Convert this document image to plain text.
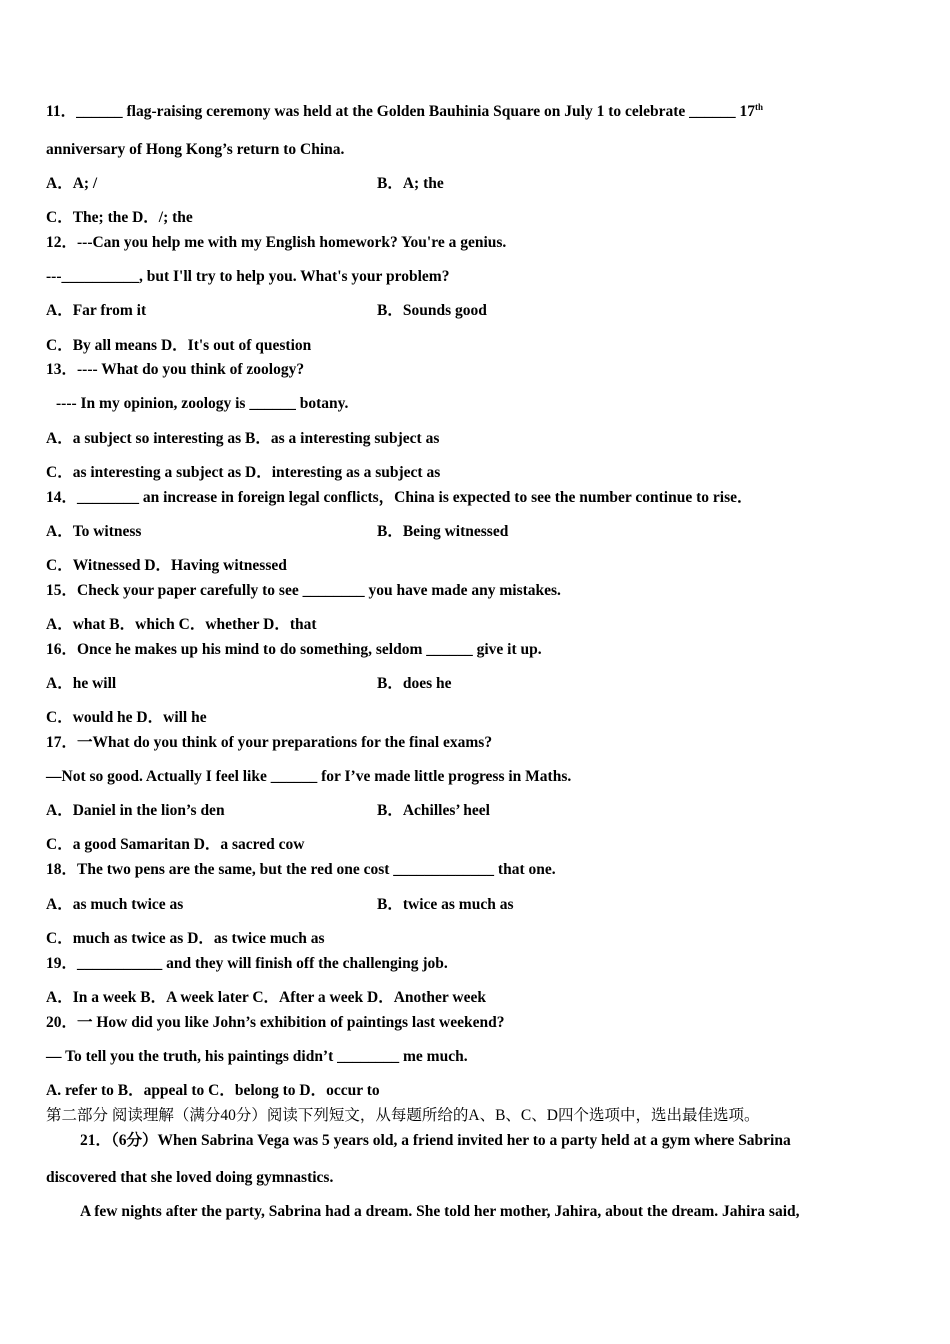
11．______ flag-raising ceremony was held at the Golden Bauhinia Square on July 1 to celebrate ______ 17th
anniversary of Hong Kong’s return to China.
A．A; /	B．A; the
C．The; the D．/; the
12．---Can you help me with my English homework? You're a genius.
---__________, but I'll try to help you. What's your problem?
A．Far from it	B．Sounds good
C．By all means D．It's out of question
13．---- What do you think of zoology?
---- In my opinion, zoology is ______ botany.
A．a subject so interesting as B．as a interesting subject as
C．as interesting a subject as D．interesting as a subject as
14．________ an increase in foreign legal conflicts，China is expected to see the number continue to rise．
A．To witness	B．Being witnessed
C．Witnessed D．Having witnessed
15．Check your paper carefully to see ________ you have made any mistakes.
A．what B．which C．whether D．that
16．Once he makes up his mind to do something, seldom ______ give it up.
A．he will	B．does he
C．would he D．will he
17．一What do you think of your preparations for the final exams?
—Not so good. Actually I feel like ______ for I’ve made little progress in Maths.
A．Daniel in the lion’s den	B．Achilles’ heel
C．a good Samaritan D．a sacred cow
18．The two pens are the same, but the red one cost _____________ that one.
A．as much twice as	B．twice as much as
C．much as twice as D．as twice much as
19．___________ and they will finish off the challenging job.
A．In a week B．A week later C．After a week D．Another week
20．一 How did you like John’s exhibition of paintings last weekend?
— To tell you the truth, his paintings didn’t ________ me much.
A. refer to B．appeal to C．belong to D．occur to
第二部分 阅读理解（满分40分）阅读下列短文，从每题所给的A、B、C、D四个选项中，选出最佳选项。
21．（6分）When Sabrina Vega was 5 years old, a friend invited her to a party held at a gym where Sabrina
discovered that she loved doing gymnastics.
A few nights after the party, Sabrina had a dream. She told her mother, Jahira, about the dream. Jahira said,
